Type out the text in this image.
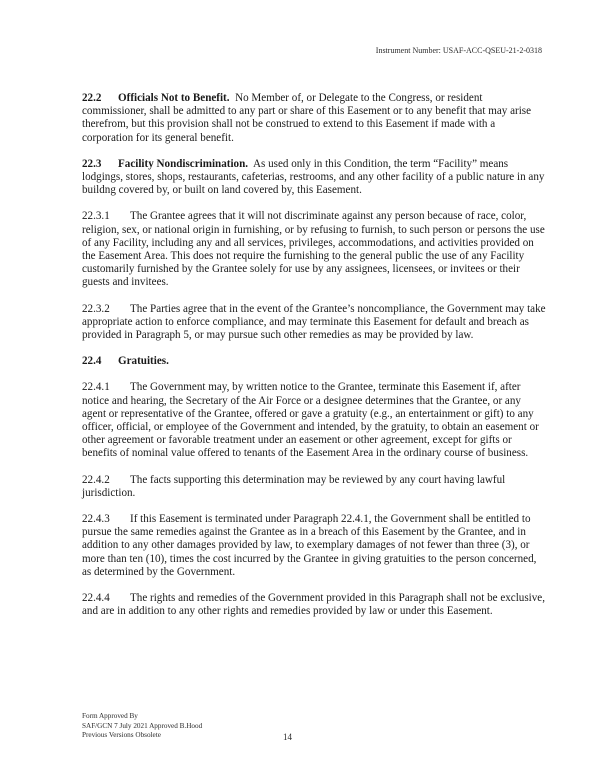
Instrument Number: USAF-ACC-QSEU-21-2-0318

22.2 Officials Not to Benefit. No Member of, or Delegate to the Congress, or resident commissioner, shall be admitted to any part or share of this Easement or to any benefit that may arise therefrom, but this provision shall not be construed to extend to this Easement if made with a corporation for its general benefit.

22.3 Facility Nondiscrimination. As used only in this Condition, the term “Facility” means lodgings, stores, shops, restaurants, cafeterias, restrooms, and any other facility of a public nature in any buildng covered by, or built on land covered by, this Easement.

22.3.1 The Grantee agrees that it will not discriminate against any person because of race, color, religion, sex, or national origin in furnishing, or by refusing to furnish, to such person or persons the use of any Facility, including any and all services, privileges, accommodations, and activities provided on the Easement Area. This does not require the furnishing to the general public the use of any Facility customarily furnished by the Grantee solely for use by any assignees, licensees, or invitees or their guests and invitees.

22.3.2 The Parties agree that in the event of the Grantee’s noncompliance, the Government may take appropriate action to enforce compliance, and may terminate this Easement for default and breach as provided in Paragraph 5, or may pursue such other remedies as may be provided by law.

22.4 Gratuities.

22.4.1 The Government may, by written notice to the Grantee, terminate this Easement if, after notice and hearing, the Secretary of the Air Force or a designee determines that the Grantee, or any agent or representative of the Grantee, offered or gave a gratuity (e.g., an entertainment or gift) to any officer, official, or employee of the Government and intended, by the gratuity, to obtain an easement or other agreement or favorable treatment under an easement or other agreement, except for gifts or benefits of nominal value offered to tenants of the Easement Area in the ordinary course of business.

22.4.2 The facts supporting this determination may be reviewed by any court having lawful jurisdiction.

22.4.3 If this Easement is terminated under Paragraph 22.4.1, the Government shall be entitled to pursue the same remedies against the Grantee as in a breach of this Easement by the Grantee, and in addition to any other damages provided by law, to exemplary damages of not fewer than three (3), or more than ten (10), times the cost incurred by the Grantee in giving gratuities to the person concerned, as determined by the Government.

22.4.4 The rights and remedies of the Government provided in this Paragraph shall not be exclusive, and are in addition to any other rights and remedies provided by law or under this Easement.

Form Approved By
SAF/GCN 7 July 2021 Approved B.Hood
Previous Versions Obsolete	14
